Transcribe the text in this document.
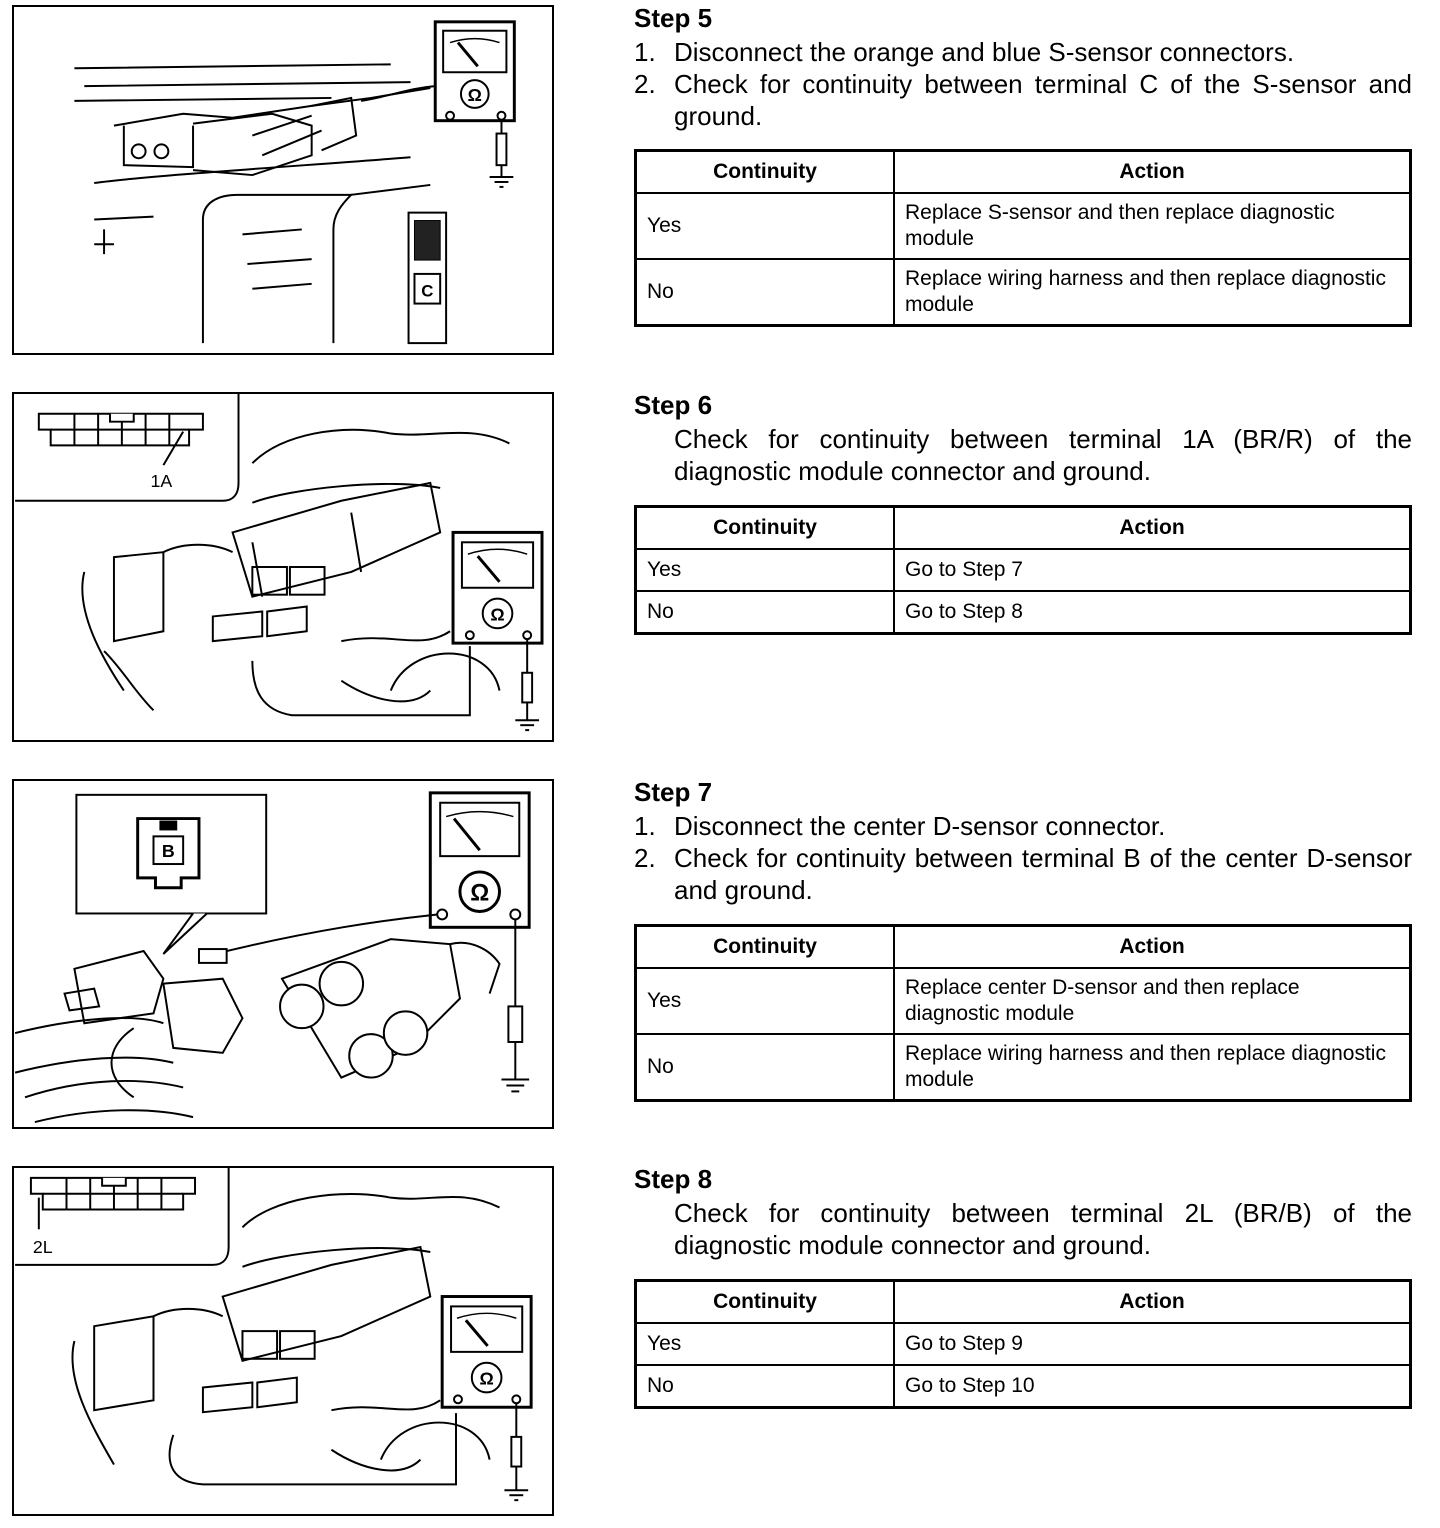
Ω
C
1A
Ω
B
Ω
2L
Ω
Step 5
1. Disconnect the orange and blue S-sensor connectors.
2. Check for continuity between terminal C of the S-sensor and ground.
Continuity	Action
Yes	Replace S-sensor and then replace diagnostic module
No	Replace wiring harness and then replace diagnostic module
Step 6
Check for continuity between terminal 1A (BR/R) of the diagnostic module connector and ground.
Continuity	Action
Yes	Go to Step 7
No	Go to Step 8
Step 7
1. Disconnect the center D-sensor connector.
2. Check for continuity between terminal B of the center D-sensor and ground.
Continuity	Action
Yes	Replace center D-sensor and then replace diagnostic module
No	Replace wiring harness and then replace diagnostic module
Step 8
Check for continuity between terminal 2L (BR/B) of the diagnostic module connector and ground.
Continuity	Action
Yes	Go to Step 9
No	Go to Step 10
